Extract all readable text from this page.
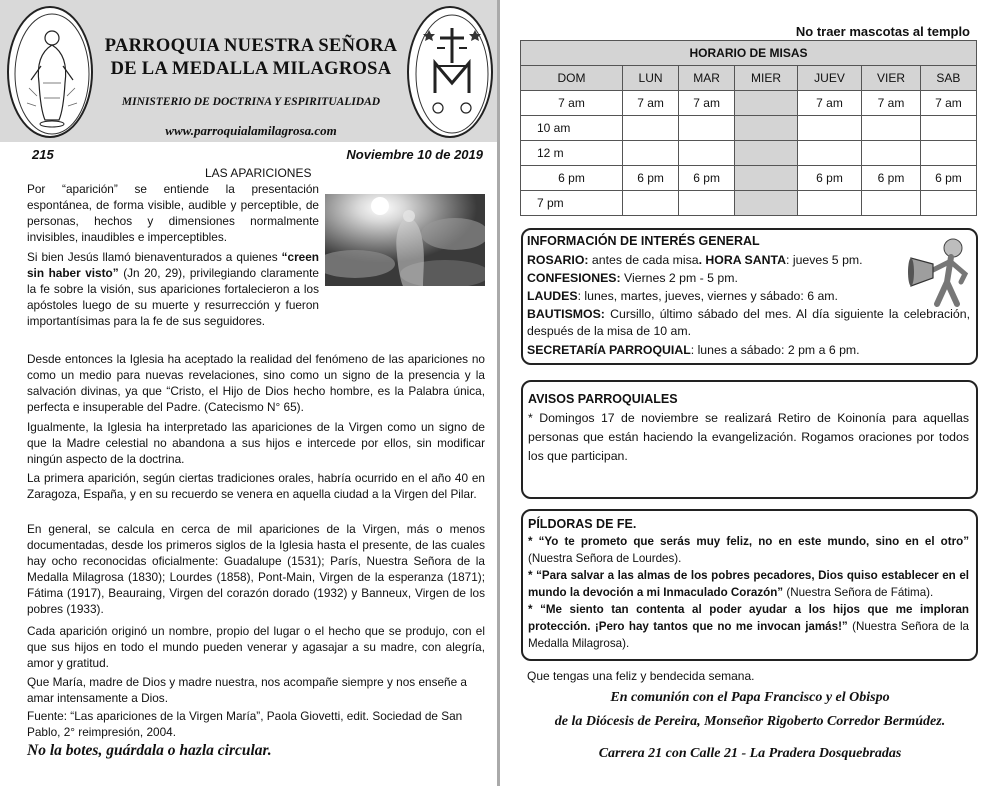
PARROQUIA NUESTRA SEÑORA
DE LA MEDALLA MILAGROSA
MINISTERIO DE DOCTRINA Y ESPIRITUALIDAD
www.parroquialamilagrosa.com
215	Noviembre 10 de 2019
LAS APARICIONES
Por “aparición” se entiende la presentación espontánea, de forma visible, audible y perceptible, de personas, hechos y dimensiones normalmente invisibles, inaudibles e imperceptibles.
Si bien Jesús llamó bienaventurados a quienes “creen sin haber visto” (Jn 20, 29), privilegiando claramente la fe sobre la visión, sus apariciones fortalecieron a los apóstoles luego de su muerte y resurrección y fueron importantísimas para la fe de sus seguidores.
Desde entonces la Iglesia ha aceptado la realidad del fenómeno de las apariciones no como un medio para nuevas revelaciones, sino como un signo de la presencia y la salvación divinas, ya que “Cristo, el Hijo de Dios hecho hombre, es la Palabra única, perfecta e insuperable del Padre. (Catecismo N° 65).
Igualmente, la Iglesia ha interpretado las apariciones de la Virgen como un signo de que la Madre celestial no abandona a sus hijos e intercede por ellos, sin modificar ningún aspecto de la doctrina.
La primera aparición, según ciertas tradiciones orales, habría ocurrido en el año 40 en Zaragoza, España, y en su recuerdo se venera en aquella ciudad a la Virgen del Pilar.
En general, se calcula en cerca de mil apariciones de la Virgen, más o menos documentadas, desde los primeros siglos de la Iglesia hasta el presente, de las cuales hay ocho reconocidas oficialmente: Guadalupe (1531); París, Nuestra Señora de la Medalla Milagrosa (1830); Lourdes (1858), Pont-Main, Virgen de la esperanza (1871); Fátima (1917), Beauraing, Virgen del corazón dorado (1932) y Banneux, Virgen de los pobres (1933).
Cada aparición originó un nombre, propio del lugar o el hecho que se produjo, con el que sus hijos en todo el mundo pueden venerar y agasajar a su madre, con alegría, amor y gratitud.
Que María, madre de Dios y madre nuestra, nos acompañe siempre y nos enseñe a amar intensamente a Dios.
Fuente: “Las apariciones de la Virgen María”, Paola Giovetti, edit. Sociedad de San Pablo, 2° reimpresión, 2004.
No la botes, guárdala o hazla circular.
No traer mascotas al templo
HORARIO DE MISAS						
DOM	LUN	MAR	MIER	JUEV	VIER	SAB
7 am	7 am	7 am		7 am	7 am	7 am
10 am						
12 m						
6 pm	6 pm	6 pm		6 pm	6 pm	6 pm
7 pm						
INFORMACIÓN DE INTERÉS GENERAL
ROSARIO: antes de cada misa. HORA SANTA: jueves 5 pm.
CONFESIONES: Viernes 2 pm - 5 pm.
LAUDES: lunes, martes, jueves, viernes y sábado: 6 am.
BAUTISMOS: Cursillo, último sábado del mes. Al día siguiente la celebración, después de la misa de 10 am.
SECRETARÍA PARROQUIAL: lunes a sábado: 2 pm a 6 pm.
AVISOS PARROQUIALES
* Domingos 17 de noviembre se realizará Retiro de Koinonía para aquellas personas que están haciendo la evangelización. Rogamos oraciones por todos los que participan.
PÍLDORAS DE FE.
* “Yo te prometo que serás muy feliz, no en este mundo, sino en el otro” (Nuestra Señora de Lourdes).
* “Para salvar a las almas de los pobres pecadores, Dios quiso establecer en el mundo la devoción a mi Inmaculado Corazón” (Nuestra Señora de Fátima).
* “Me siento tan contenta al poder ayudar a los hijos que me imploran protección. ¡Pero hay tantos que no me invocan jamás!” (Nuestra Señora de la Medalla Milagrosa).
Que tengas una feliz y bendecida semana.
En comunión con el Papa Francisco y el Obispo
de la Diócesis de Pereira, Monseñor Rigoberto Corredor Bermúdez.
Carrera 21 con Calle 21 - La Pradera Dosquebradas
